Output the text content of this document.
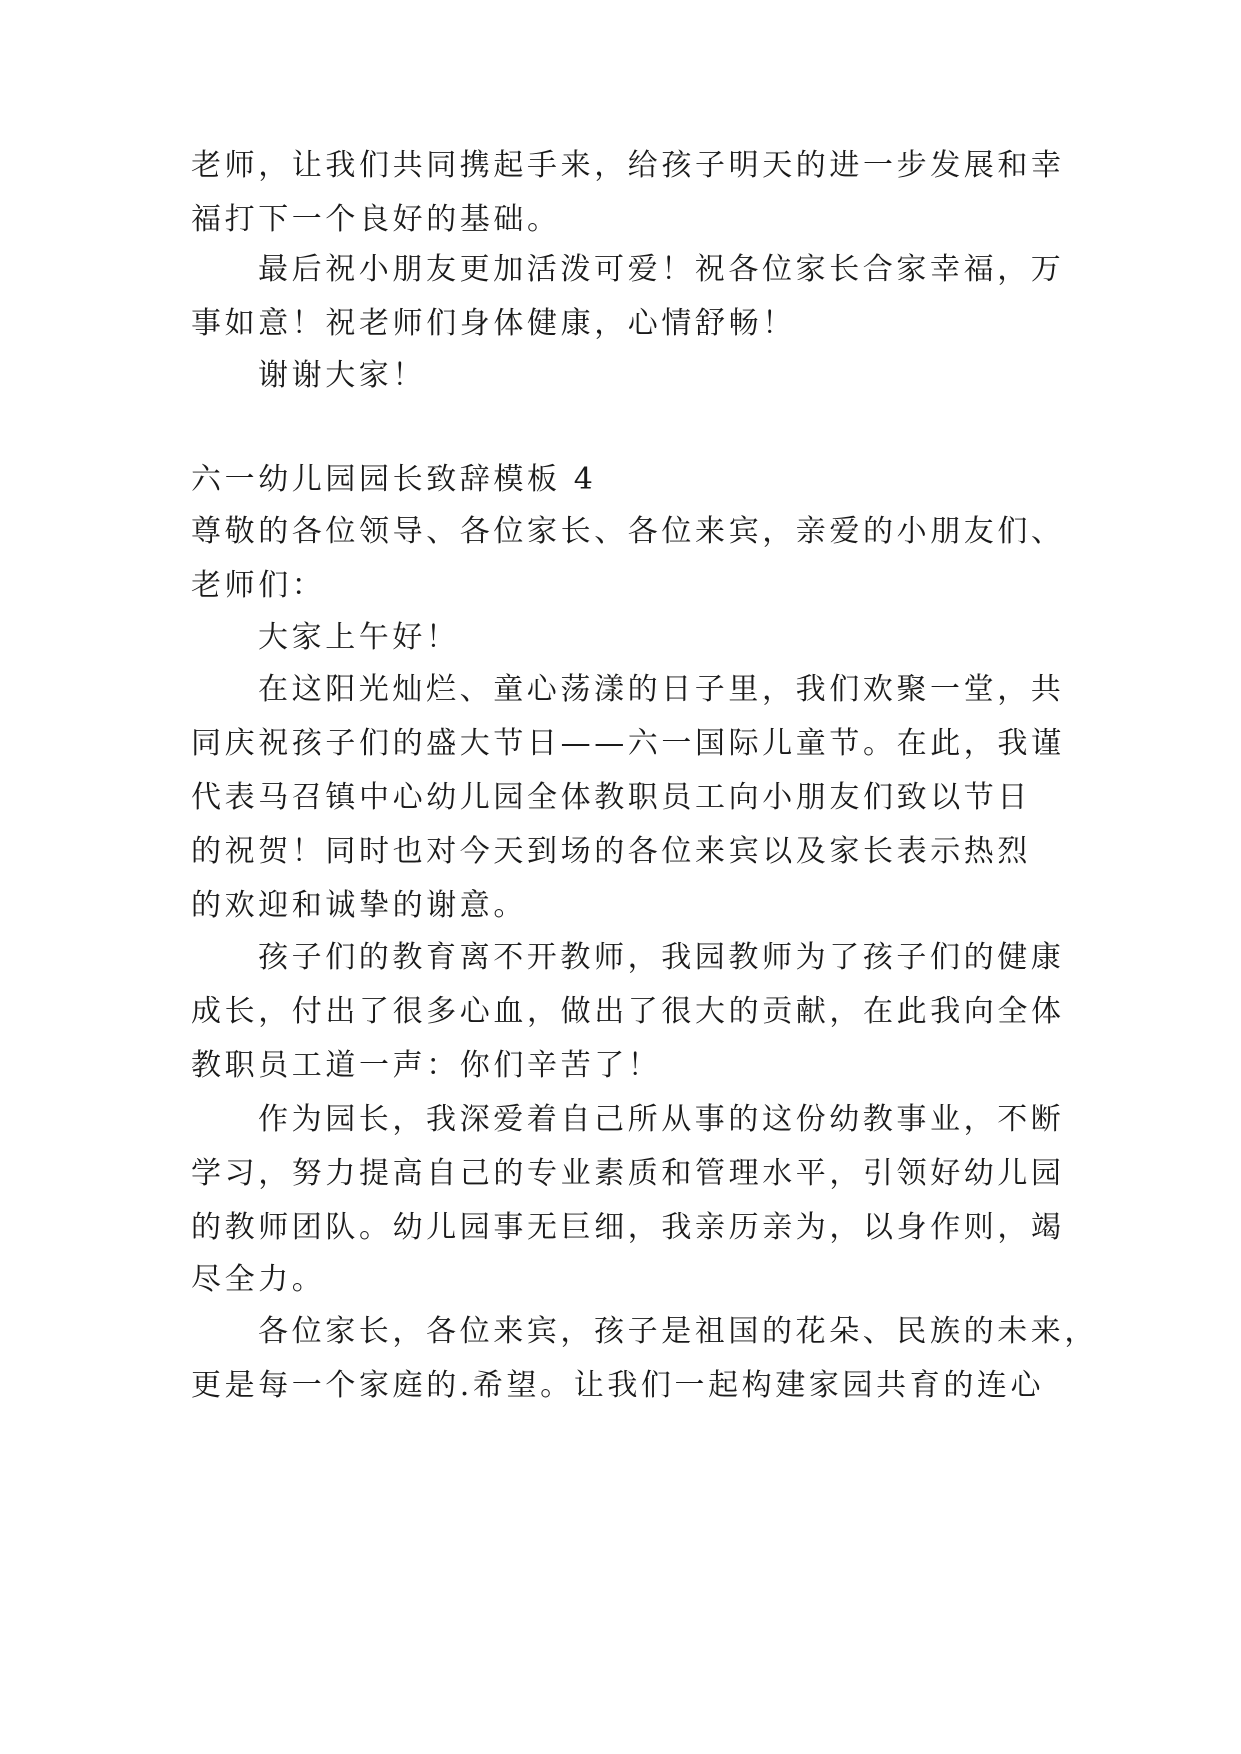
老师，让我们共同携起手来，给孩子明天的进一步发展和幸
福打下一个良好的基础。
最后祝小朋友更加活泼可爱！祝各位家长合家幸福，万
事如意！祝老师们身体健康，心情舒畅！
谢谢大家！
六一幼儿园园长致辞模板 4
尊敬的各位领导、各位家长、各位来宾，亲爱的小朋友们、
老师们：
大家上午好！
在这阳光灿烂、童心荡漾的日子里，我们欢聚一堂，共
同庆祝孩子们的盛大节日——六一国际儿童节。在此，我谨
代表马召镇中心幼儿园全体教职员工向小朋友们致以节日
的祝贺！同时也对今天到场的各位来宾以及家长表示热烈
的欢迎和诚挚的谢意。
孩子们的教育离不开教师，我园教师为了孩子们的健康
成长，付出了很多心血，做出了很大的贡献，在此我向全体
教职员工道一声：你们辛苦了！
作为园长，我深爱着自己所从事的这份幼教事业，不断
学习，努力提高自己的专业素质和管理水平，引领好幼儿园
的教师团队。幼儿园事无巨细，我亲历亲为，以身作则，竭
尽全力。
各位家长，各位来宾，孩子是祖国的花朵、民族的未来，
更是每一个家庭的.希望。让我们一起构建家园共育的连心
